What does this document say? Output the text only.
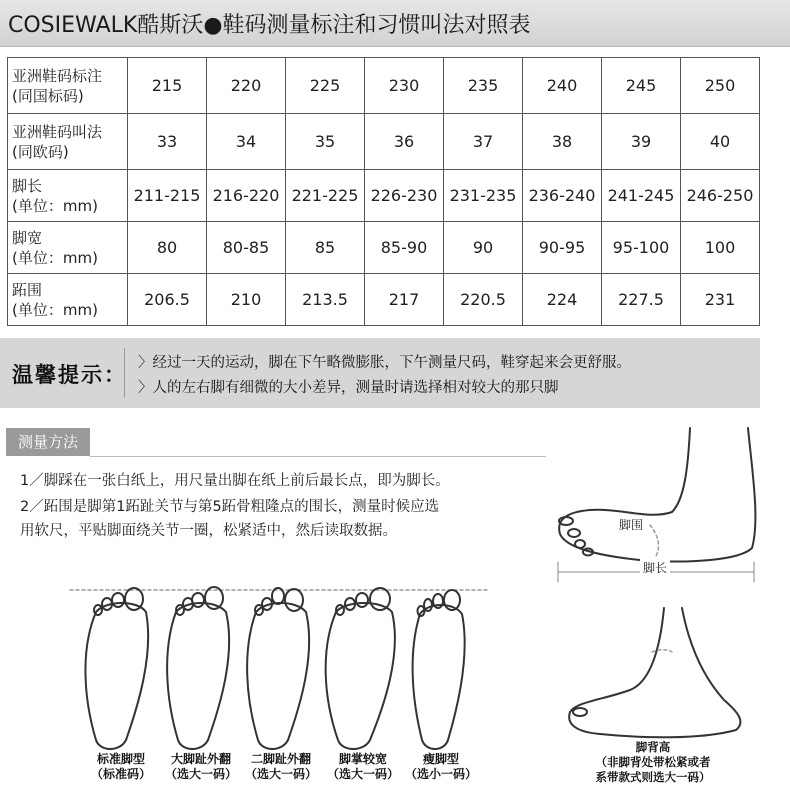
COSIEWALK酷斯沃●鞋码测量标注和习惯叫法对照表
亚洲鞋码标注
(同国标码)	215	220	225	230	235	240	245	250
亚洲鞋码叫法
(同欧码)	33	34	35	36	37	38	39	40
脚长
(单位：mm)	211-215	216-220	221-225	226-230	231-235	236-240	241-245	246-250
脚宽
(单位：mm)	80	80-85	85	85-90	90	90-95	95-100	100
跖围
(单位：mm)	206.5	210	213.5	217	220.5	224	227.5	231
温馨提示： 〉经过一天的运动，脚在下午略微膨胀，下午测量尺码，鞋穿起来会更舒服。
〉人的左右脚有细微的大小差异，测量时请选择相对较大的那只脚
测量方法
1／脚踩在一张白纸上，用尺量出脚在纸上前后最长点，即为脚长。
2／跖围是脚第1跖趾关节与第5跖骨粗隆点的围长，测量时候应选
用软尺，平贴脚面绕关节一圈，松紧适中，然后读取数据。	脚围
脚长
脚背高
（非脚背处带松紧或者
系带款式则选大一码）
标准脚型
（标准码）
大脚趾外翻
（选大一码）
二脚趾外翻
（选大一码）
脚掌较宽
（选大一码）
瘦脚型
（选小一码）
